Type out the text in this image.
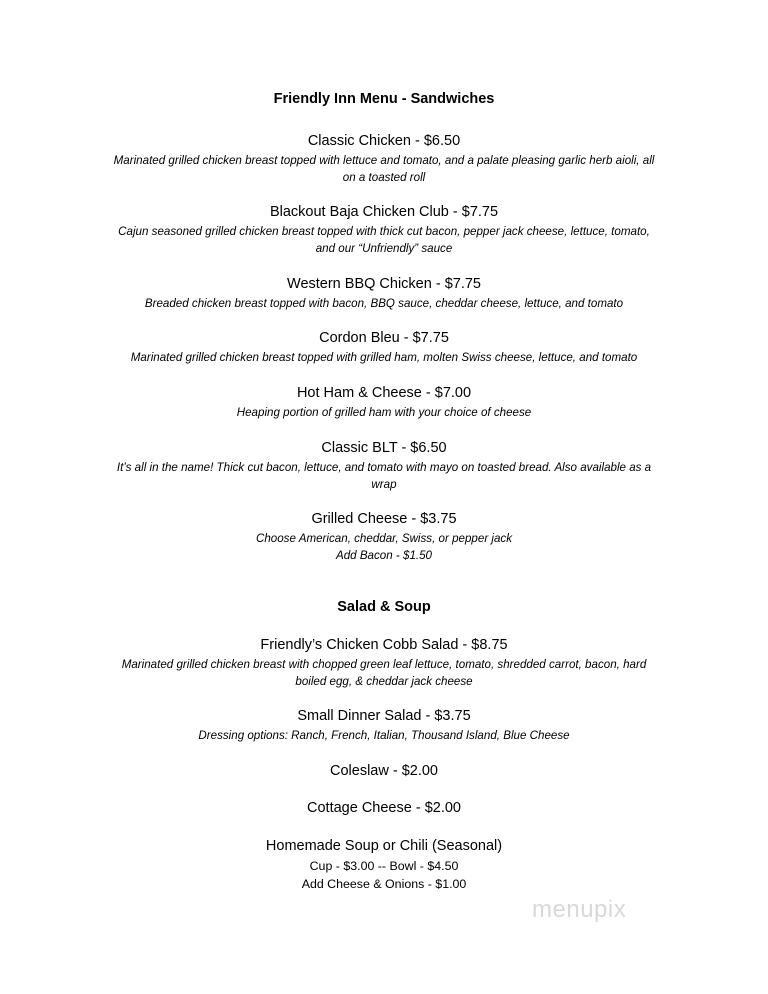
Friendly Inn Menu - Sandwiches

Classic Chicken - $6.50

Marinated grilled chicken breast topped with lettuce and tomato, and a palate pleasing garlic herb aioli, all

on a toasted roll

Blackout Baja Chicken Club - $7.75

Cajun seasoned grilled chicken breast topped with thick cut bacon, pepper jack cheese, lettuce, tomato,

and our “Unfriendly” sauce

Western BBQ Chicken - $7.75

Breaded chicken breast topped with bacon, BBQ sauce, cheddar cheese, lettuce, and tomato

Cordon Bleu - $7.75

Marinated grilled chicken breast topped with grilled ham, molten Swiss cheese, lettuce, and tomato

Hot Ham & Cheese - $7.00

Heaping portion of grilled ham with your choice of cheese

Classic BLT - $6.50

It’s all in the name! Thick cut bacon, lettuce, and tomato with mayo on toasted bread. Also available as a

wrap

Grilled Cheese - $3.75

Choose American, cheddar, Swiss, or pepper jack

Add Bacon - $1.50

Salad & Soup

Friendly’s Chicken Cobb Salad - $8.75

Marinated grilled chicken breast with chopped green leaf lettuce, tomato, shredded carrot, bacon, hard

boiled egg, & cheddar jack cheese

Small Dinner Salad - $3.75

Dressing options: Ranch, French, Italian, Thousand Island, Blue Cheese

Coleslaw - $2.00

Cottage Cheese - $2.00

Homemade Soup or Chili (Seasonal)

Cup - $3.00 -- Bowl - $4.50

Add Cheese & Onions - $1.00

menupix
